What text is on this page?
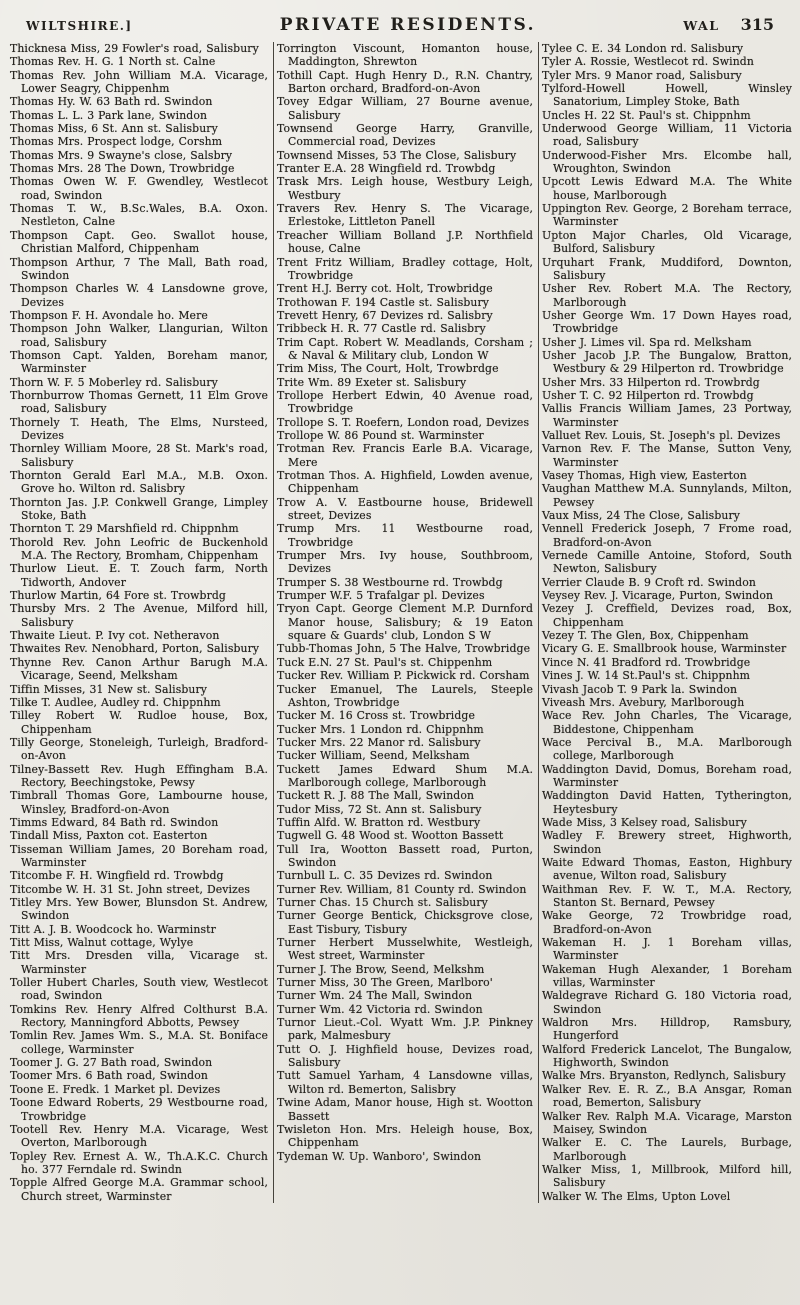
WILTSHIRE.]	PRIVATE RESIDENTS.	WAL 315

Thicknesa Miss, 29 Fowler's road, Salisbury

Thomas Rev. H. G. 1 North st. Calne

Thomas Rev. John William M.A. Vicarage, Lower Seagry, Chippenhm

Thomas Hy. W. 63 Bath rd. Swindon

Thomas L. L. 3 Park lane, Swindon

Thomas Miss, 6 St. Ann st. Salisbury

Thomas Mrs. Prospect lodge, Corshm

Thomas Mrs. 9 Swayne's close, Salsbry

Thomas Mrs. 28 The Down, Trowbridge

Thomas Owen W. F. Gwendley, Westlecot road, Swindon

Thomas T. W., B.Sc.Wales, B.A. Oxon. Nestleton, Calne

Thompson Capt. Geo. Swallot house, Christian Malford, Chippenham

Thompson Arthur, 7 The Mall, Bath road, Swindon

Thompson Charles W. 4 Lansdowne grove, Devizes

Thompson F. H. Avondale ho. Mere

Thompson John Walker, Llangurian, Wilton road, Salisbury

Thomson Capt. Yalden, Boreham manor, Warminster

Thorn W. F. 5 Moberley rd. Salisbury

Thornburrow Thomas Gernett, 11 Elm Grove road, Salisbury

Thornely T. Heath, The Elms, Nursteed, Devizes

Thornley William Moore, 28 St. Mark's road, Salisbury

Thornton Gerald Earl M.A., M.B. Oxon. Grove ho. Wilton rd. Salisbry

Thornton Jas. J.P. Conkwell Grange, Limpley Stoke, Bath

Thornton T. 29 Marshfield rd. Chippnhm

Thorold Rev. John Leofric de Buckenhold M.A. The Rectory, Bromham, Chippenham

Thurlow Lieut. E. T. Zouch farm, North Tidworth, Andover

Thurlow Martin, 64 Fore st. Trowbrdg

Thursby Mrs. 2 The Avenue, Milford hill, Salisbury

Thwaite Lieut. P. Ivy cot. Netheravon

Thwaites Rev. Nenobhard, Porton, Salisbury

Thynne Rev. Canon Arthur Barugh M.A. Vicarage, Seend, Melksham

Tiffin Misses, 31 New st. Salisbury

Tilke T. Audlee, Audley rd. Chippnhm

Tilley Robert W. Rudloe house, Box, Chippenham

Tilly George, Stoneleigh, Turleigh, Bradford-on-Avon

Tilney-Bassett Rev. Hugh Effingham B.A. Rectory, Beechingstoke, Pewsy

Timbrall Thomas Gore, Lambourne house, Winsley, Bradford-on-Avon

Timms Edward, 84 Bath rd. Swindon

Tindall Miss, Paxton cot. Easterton

Tisseman William James, 20 Boreham road, Warminster

Titcombe F. H. Wingfield rd. Trowbdg

Titcombe W. H. 31 St. John street, Devizes

Titley Mrs. Yew Bower, Blunsdon St. Andrew, Swindon

Titt A. J. B. Woodcock ho. Warminstr

Titt Miss, Walnut cottage, Wylye

Titt Mrs. Dresden villa, Vicarage st. Warminster

Toller Hubert Charles, South view, Westlecot road, Swindon

Tomkins Rev. Henry Alfred Colthurst B.A. Rectory, Manningford Abbotts, Pewsey

Tomlin Rev. James Wm. S., M.A. St. Boniface college, Warminster

Toomer J. G. 27 Bath road, Swindon

Toomer Mrs. 6 Bath road, Swindon

Toone E. Fredk. 1 Market pl. Devizes

Toone Edward Roberts, 29 Westbourne road, Trowbridge

Tootell Rev. Henry M.A. Vicarage, West Overton, Marlborough

Topley Rev. Ernest A. W., Th.A.K.C. Church ho. 377 Ferndale rd. Swindn

Topple Alfred George M.A. Grammar school, Church street, Warminster

Torrington Viscount, Homanton house, Maddington, Shrewton

Tothill Capt. Hugh Henry D., R.N. Chantry, Barton orchard, Bradford-on-Avon

Tovey Edgar William, 27 Bourne avenue, Salisbury

Townsend George Harry, Granville, Commercial road, Devizes

Townsend Misses, 53 The Close, Salisbury

Tranter E.A. 28 Wingfield rd. Trowbdg

Trask Mrs. Leigh house, Westbury Leigh, Westbury

Travers Rev. Henry S. The Vicarage, Erlestoke, Littleton Panell

Treacher William Bolland J.P. Northfield house, Calne

Trent Fritz William, Bradley cottage, Holt, Trowbridge

Trent H.J. Berry cot. Holt, Trowbridge

Trothowan F. 194 Castle st. Salisbury

Trevett Henry, 67 Devizes rd. Salisbry

Tribbeck H. R. 77 Castle rd. Salisbry

Trim Capt. Robert W. Meadlands, Corsham ; & Naval & Military club, London W

Trim Miss, The Court, Holt, Trowbrdge

Trite Wm. 89 Exeter st. Salisbury

Trollope Herbert Edwin, 40 Avenue road, Trowbridge

Trollope S. T. Roefern, London road, Devizes

Trollope W. 86 Pound st. Warminster

Trotman Rev. Francis Earle B.A. Vicarage, Mere

Trotman Thos. A. Highfield, Lowden avenue, Chippenham

Trow A. V. Eastbourne house, Bridewell street, Devizes

Trump Mrs. 11 Westbourne road, Trowbridge

Trumper Mrs. Ivy house, Southbroom, Devizes

Trumper S. 38 Westbourne rd. Trowbdg

Trumper W.F. 5 Trafalgar pl. Devizes

Tryon Capt. George Clement M.P. Durnford Manor house, Salisbury; & 19 Eaton square & Guards' club, London S W

Tubb-Thomas John, 5 The Halve, Trowbridge

Tuck E.N. 27 St. Paul's st. Chippenhm

Tucker Rev. William P. Pickwick rd. Corsham

Tucker Emanuel, The Laurels, Steeple Ashton, Trowbridge

Tucker M. 16 Cross st. Trowbridge

Tucker Mrs. 1 London rd. Chippnhm

Tucker Mrs. 22 Manor rd. Salisbury

Tucker William, Seend, Melksham

Tuckett James Edward Shum M.A. Marlborough college, Marlborough

Tuckett R. J. 88 The Mall, Swindon

Tudor Miss, 72 St. Ann st. Salisbury

Tuffin Alfd. W. Bratton rd. Westbury

Tugwell G. 48 Wood st. Wootton Bassett

Tull Ira, Wootton Bassett road, Purton, Swindon

Turnbull L. C. 35 Devizes rd. Swindon

Turner Rev. William, 81 County rd. Swindon

Turner Chas. 15 Church st. Salisbury

Turner George Bentick, Chicksgrove close, East Tisbury, Tisbury

Turner Herbert Musselwhite, Westleigh, West street, Warminster

Turner J. The Brow, Seend, Melkshm

Turner Miss, 30 The Green, Marlboro'

Turner Wm. 24 The Mall, Swindon

Turner Wm. 42 Victoria rd. Swindon

Turnor Lieut.-Col. Wyatt Wm. J.P. Pinkney park, Malmesbury

Tutt O. J. Highfield house, Devizes road, Salisbury

Tutt Samuel Yarham, 4 Lansdowne villas, Wilton rd. Bemerton, Salisbry

Twine Adam, Manor house, High st. Wootton Bassett

Twisleton Hon. Mrs. Heleigh house, Box, Chippenham

Tydeman W. Up. Wanboro', Swindon

Tylee C. E. 34 London rd. Salisbury

Tyler A. Rossie, Westlecot rd. Swindn

Tyler Mrs. 9 Manor road, Salisbury

Tylford-Howell Howell, Winsley Sanatorium, Limpley Stoke, Bath

Uncles H. 22 St. Paul's st. Chippnhm

Underwood George William, 11 Victoria road, Salisbury

Underwood-Fisher Mrs. Elcombe hall, Wroughton, Swindon

Upcott Lewis Edward M.A. The White house, Marlborough

Uppington Rev. George, 2 Boreham terrace, Warminster

Upton Major Charles, Old Vicarage, Bulford, Salisbury

Urquhart Frank, Muddiford, Downton, Salisbury

Usher Rev. Robert M.A. The Rectory, Marlborough

Usher George Wm. 17 Down Hayes road, Trowbridge

Usher J. Limes vil. Spa rd. Melksham

Usher Jacob J.P. The Bungalow, Bratton, Westbury & 29 Hilperton rd. Trowbridge

Usher Mrs. 33 Hilperton rd. Trowbrdg

Usher T. C. 92 Hilperton rd. Trowbdg

Vallis Francis William James, 23 Portway, Warminster

Valluet Rev. Louis, St. Joseph's pl. Devizes

Varnon Rev. F. The Manse, Sutton Veny, Warminster

Vasey Thomas, High view, Easterton

Vaughan Matthew M.A. Sunnylands, Milton, Pewsey

Vaux Miss, 24 The Close, Salisbury

Vennell Frederick Joseph, 7 Frome road, Bradford-on-Avon

Vernede Camille Antoine, Stoford, South Newton, Salisbury

Verrier Claude B. 9 Croft rd. Swindon

Veysey Rev. J. Vicarage, Purton, Swindon

Vezey J. Creffield, Devizes road, Box, Chippenham

Vezey T. The Glen, Box, Chippenham

Vicary G. E. Smallbrook house, Warminster

Vince N. 41 Bradford rd. Trowbridge

Vines J. W. 14 St.Paul's st. Chippnhm

Vivash Jacob T. 9 Park la. Swindon

Viveash Mrs. Avebury, Marlborough

Wace Rev. John Charles, The Vicarage, Biddestone, Chippenham

Wace Percival B., M.A. Marlborough college, Marlborough

Waddington David, Domus, Boreham road, Warminster

Waddington David Hatten, Tytherington, Heytesbury

Wade Miss, 3 Kelsey road, Salisbury

Wadley F. Brewery street, Highworth, Swindon

Waite Edward Thomas, Easton, Highbury avenue, Wilton road, Salisbury

Waithman Rev. F. W. T., M.A. Rectory, Stanton St. Bernard, Pewsey

Wake George, 72 Trowbridge road, Bradford-on-Avon

Wakeman H. J. 1 Boreham villas, Warminster

Wakeman Hugh Alexander, 1 Boreham villas, Warminster

Waldegrave Richard G. 180 Victoria road, Swindon

Waldron Mrs. Hilldrop, Ramsbury, Hungerford

Walford Frederick Lancelot, The Bungalow, Highworth, Swindon

Walke Mrs. Bryanston, Redlynch, Salisbury

Walker Rev. E. R. Z., B.A Ansgar, Roman road, Bemerton, Salisbury

Walker Rev. Ralph M.A. Vicarage, Marston Maisey, Swindon

Walker E. C. The Laurels, Burbage, Marlborough

Walker Miss, 1, Millbrook, Milford hill, Salisbury

Walker W. The Elms, Upton Lovel
